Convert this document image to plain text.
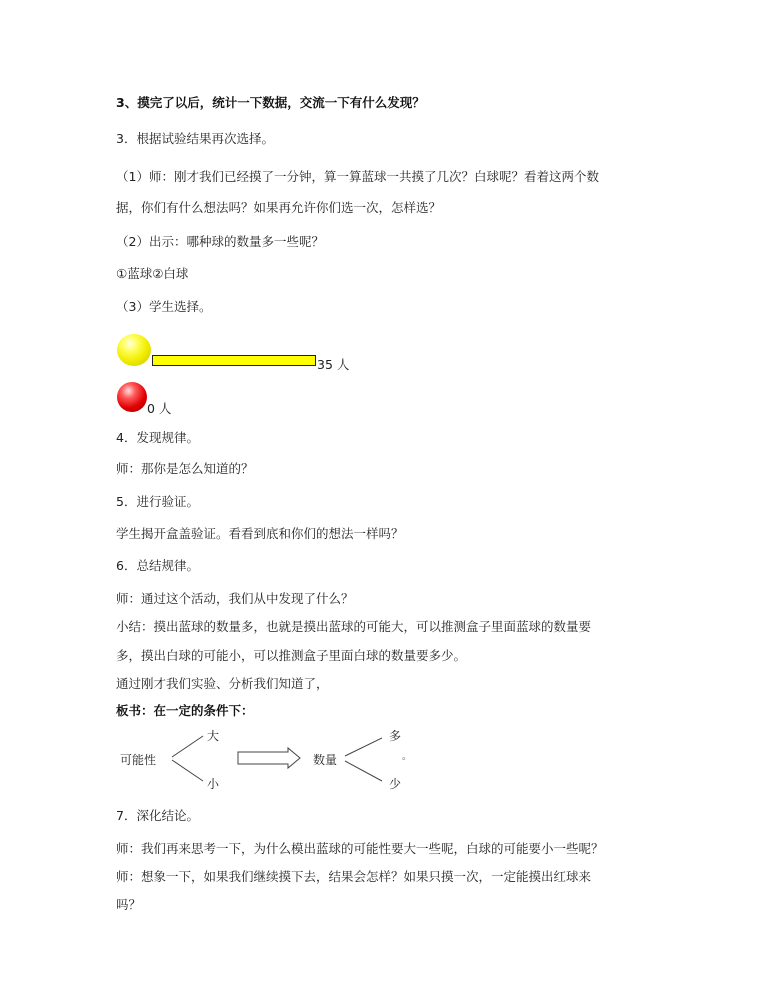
3、摸完了以后，统计一下数据，交流一下有什么发现？
3．根据试验结果再次选择。
（1）师：刚才我们已经摸了一分钟，算一算蓝球一共摸了几次？白球呢？看着这两个数
据，你们有什么想法吗？如果再允许你们选一次，怎样选？
（2）出示：哪种球的数量多一些呢？
①蓝球②白球
（3）学生选择。
35 人
0 人
4．发现规律。
师：那你是怎么知道的？
5．进行验证。
学生揭开盒盖验证。看看到底和你们的想法一样吗？
6．总结规律。
师：通过这个活动，我们从中发现了什么？
小结：摸出蓝球的数量多，也就是摸出蓝球的可能大，可以推测盒子里面蓝球的数量要
多，摸出白球的可能小，可以推测盒子里面白球的数量要多少。
通过刚才我们实验、分析我们知道了，
板书：在一定的条件下：
可能性
大
小
数量
多
少
。
7．深化结论。
师：我们再来思考一下，为什么模出蓝球的可能性要大一些呢，白球的可能要小一些呢？
师：想象一下，如果我们继续摸下去，结果会怎样？如果只摸一次，一定能摸出红球来
吗？
